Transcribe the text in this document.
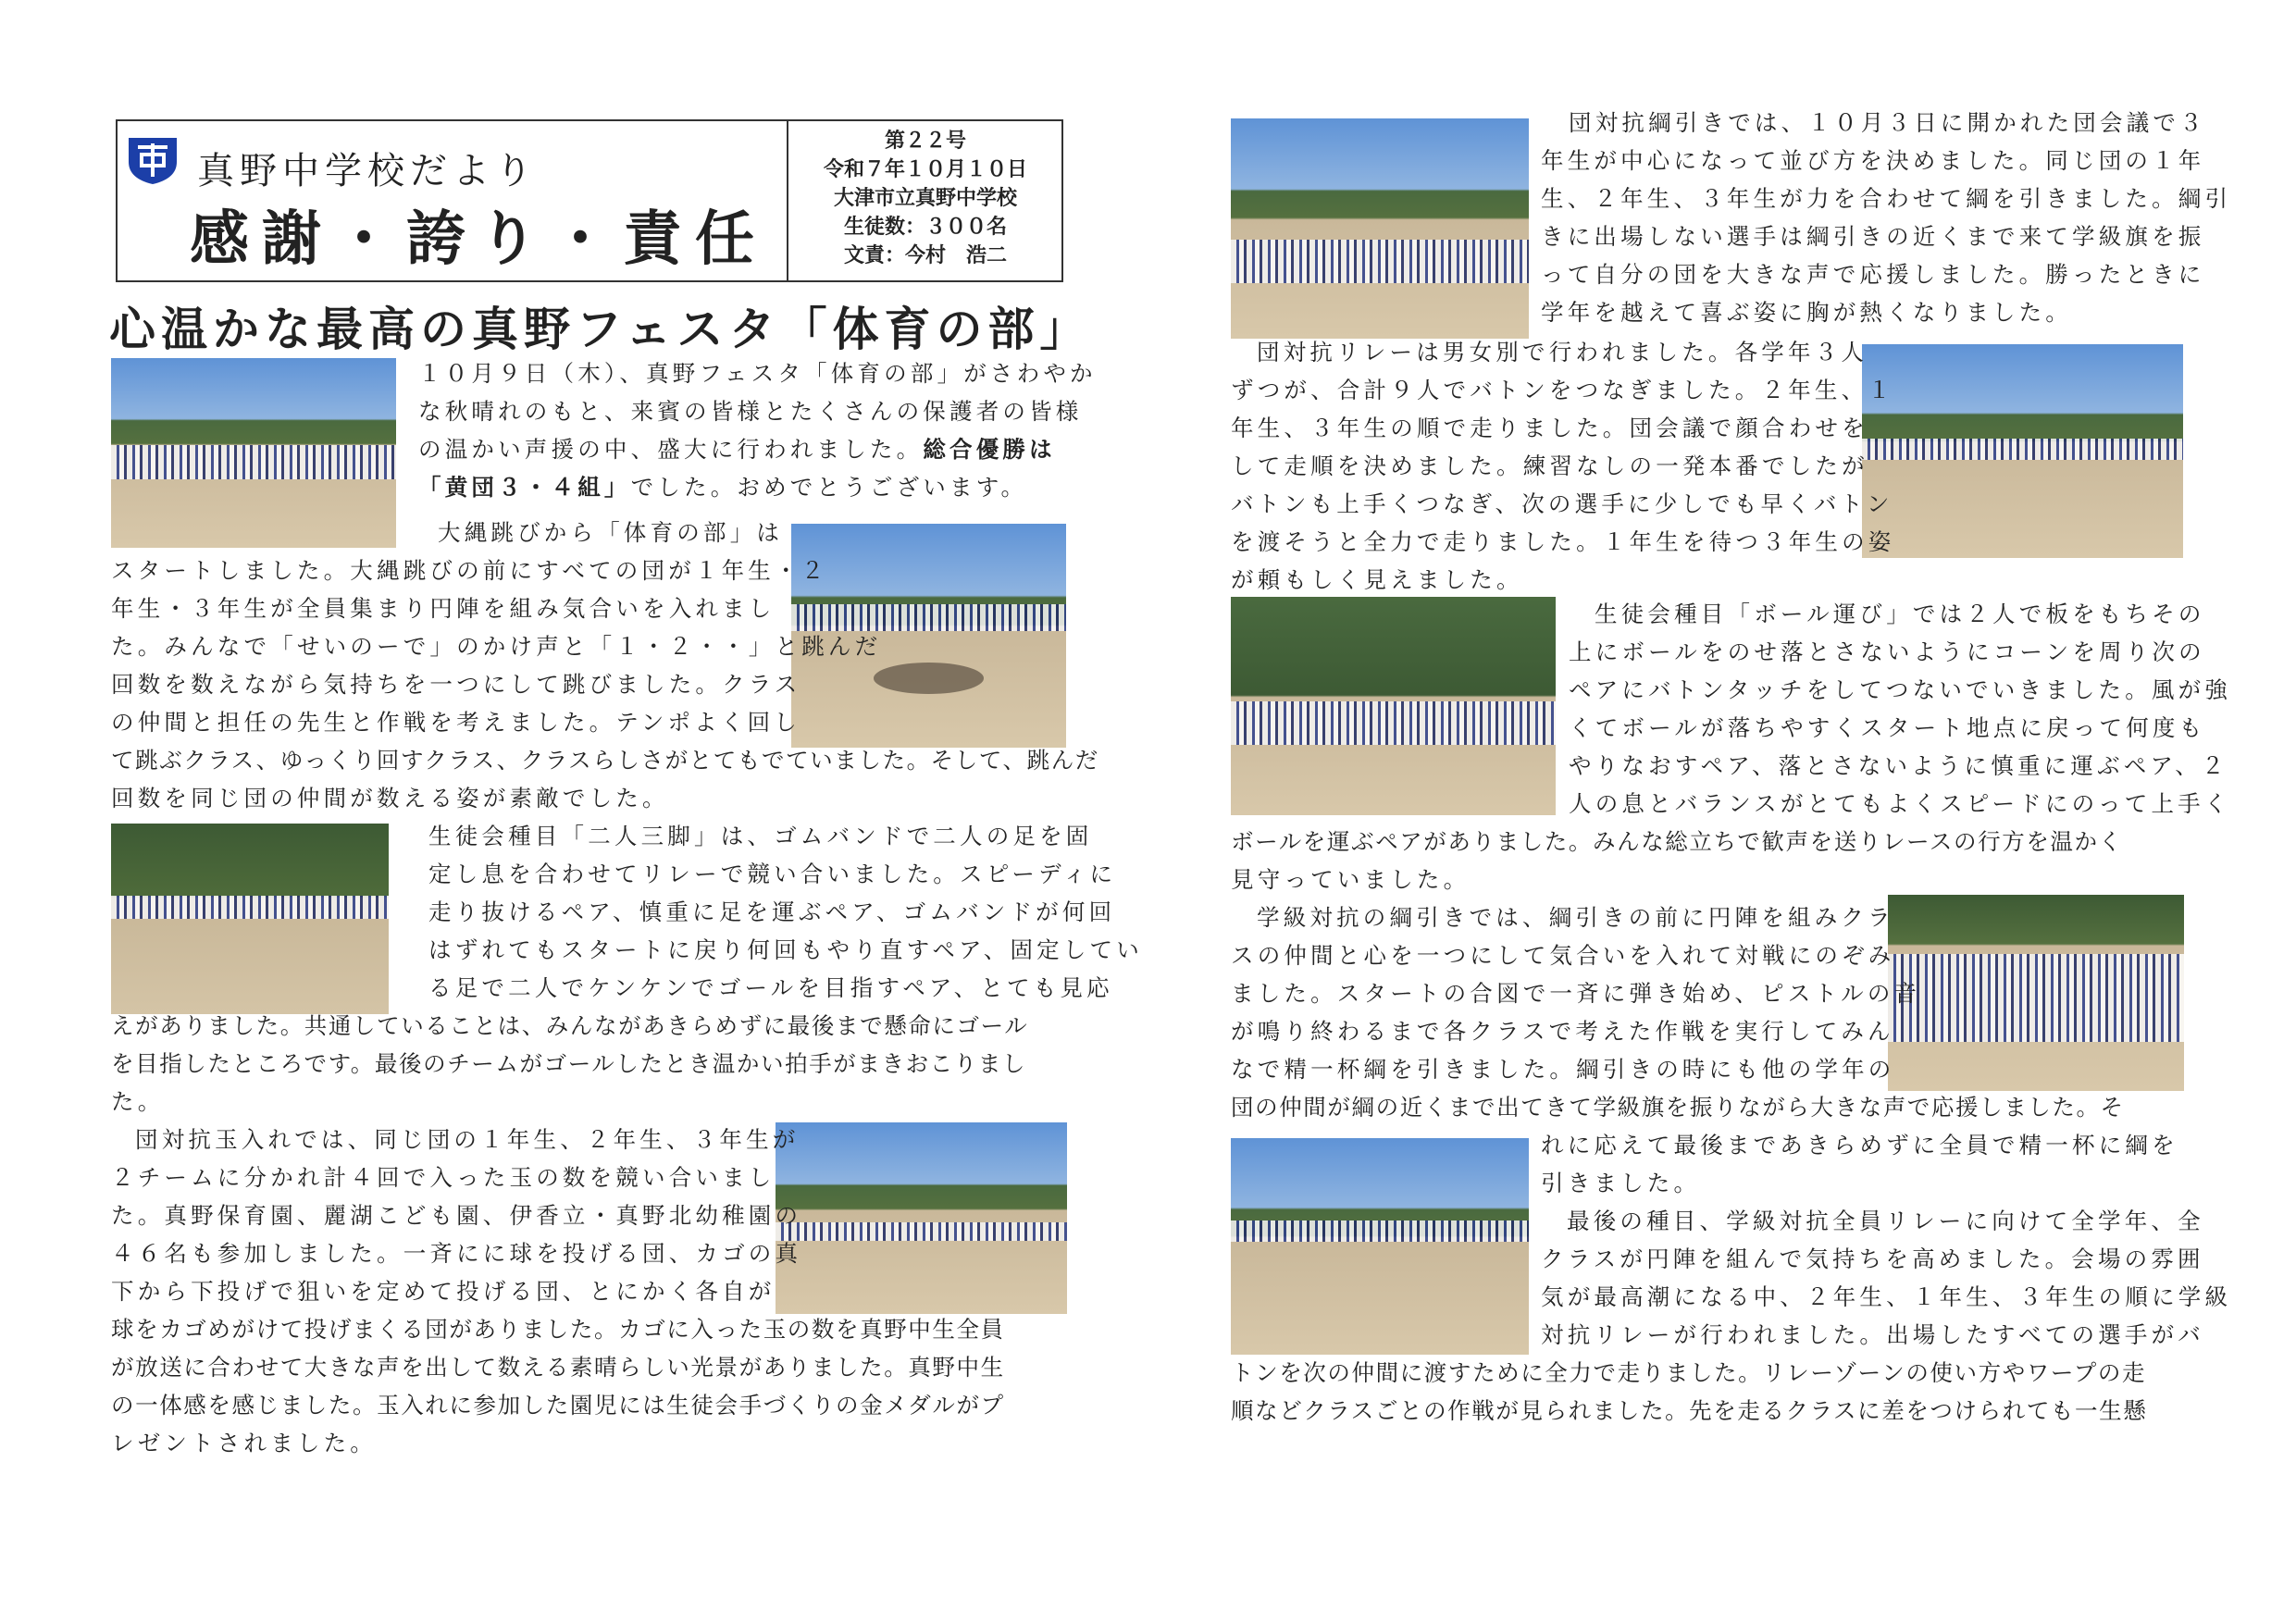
真野中学校だより
感謝・誇り・責任
第２２号
令和７年１０月１０日
大津市立真野中学校
生徒数：３００名
文責：今村　浩二
心温かな最高の真野フェスタ「体育の部」
１０月９日（木）、真野フェスタ「体育の部」がさわやか
な秋晴れのもと、来賓の皆様とたくさんの保護者の皆様
の温かい声援の中、盛大に行われました。総合優勝は
「黄団３・４組」でした。おめでとうございます。
大縄跳びから「体育の部」は
スタートしました。大縄跳びの前にすべての団が１年生・２
年生・３年生が全員集まり円陣を組み気合いを入れまし
た。みんなで「せいのーで」のかけ声と「１・２・・」と跳んだ
回数を数えながら気持ちを一つにして跳びました。クラス
の仲間と担任の先生と作戦を考えました。テンポよく回し
て跳ぶクラス、ゆっくり回すクラス、クラスらしさがとてもでていました。そして、跳んだ
回数を同じ団の仲間が数える姿が素敵でした。
生徒会種目「二人三脚」は、ゴムバンドで二人の足を固
定し息を合わせてリレーで競い合いました。スピーディに
走り抜けるペア、慎重に足を運ぶペア、ゴムバンドが何回
はずれてもスタートに戻り何回もやり直すペア、固定してい
る足で二人でケンケンでゴールを目指すペア、とても見応
えがありました。共通していることは、みんながあきらめずに最後まで懸命にゴール
を目指したところです。最後のチームがゴールしたとき温かい拍手がまきおこりまし
た。
団対抗玉入れでは、同じ団の１年生、２年生、３年生が
２チームに分かれ計４回で入った玉の数を競い合いまし
た。真野保育園、麗湖こども園、伊香立・真野北幼稚園の
４６名も参加しました。一斉にに球を投げる団、カゴの真
下から下投げで狙いを定めて投げる団、とにかく各自が
球をカゴめがけて投げまくる団がありました。カゴに入った玉の数を真野中生全員
が放送に合わせて大きな声を出して数える素晴らしい光景がありました。真野中生
の一体感を感じました。玉入れに参加した園児には生徒会手づくりの金メダルがプ
レゼントされました。
団対抗綱引きでは、１０月３日に開かれた団会議で３
年生が中心になって並び方を決めました。同じ団の１年
生、２年生、３年生が力を合わせて綱を引きました。綱引
きに出場しない選手は綱引きの近くまで来て学級旗を振
って自分の団を大きな声で応援しました。勝ったときに
学年を越えて喜ぶ姿に胸が熱くなりました。
団対抗リレーは男女別で行われました。各学年３人
ずつが、合計９人でバトンをつなぎました。２年生、１
年生、３年生の順で走りました。団会議で顔合わせを
して走順を決めました。練習なしの一発本番でしたが
バトンも上手くつなぎ、次の選手に少しでも早くバトン
を渡そうと全力で走りました。１年生を待つ３年生の姿
が頼もしく見えました。
生徒会種目「ボール運び」では２人で板をもちその
上にボールをのせ落とさないようにコーンを周り次の
ペアにバトンタッチをしてつないでいきました。風が強
くてボールが落ちやすくスタート地点に戻って何度も
やりなおすペア、落とさないように慎重に運ぶペア、２
人の息とバランスがとてもよくスピードにのって上手く
ボールを運ぶペアがありました。みんな総立ちで歓声を送りレースの行方を温かく
見守っていました。
学級対抗の綱引きでは、綱引きの前に円陣を組みクラ
スの仲間と心を一つにして気合いを入れて対戦にのぞみ
ました。スタートの合図で一斉に弾き始め、ピストルの音
が鳴り終わるまで各クラスで考えた作戦を実行してみん
なで精一杯綱を引きました。綱引きの時にも他の学年の
団の仲間が綱の近くまで出てきて学級旗を振りながら大きな声で応援しました。そ
れに応えて最後まであきらめずに全員で精一杯に綱を
引きました。
最後の種目、学級対抗全員リレーに向けて全学年、全
クラスが円陣を組んで気持ちを高めました。会場の雰囲
気が最高潮になる中、２年生、１年生、３年生の順に学級
対抗リレーが行われました。出場したすべての選手がバ
トンを次の仲間に渡すために全力で走りました。リレーゾーンの使い方やワープの走
順などクラスごとの作戦が見られました。先を走るクラスに差をつけられても一生懸
